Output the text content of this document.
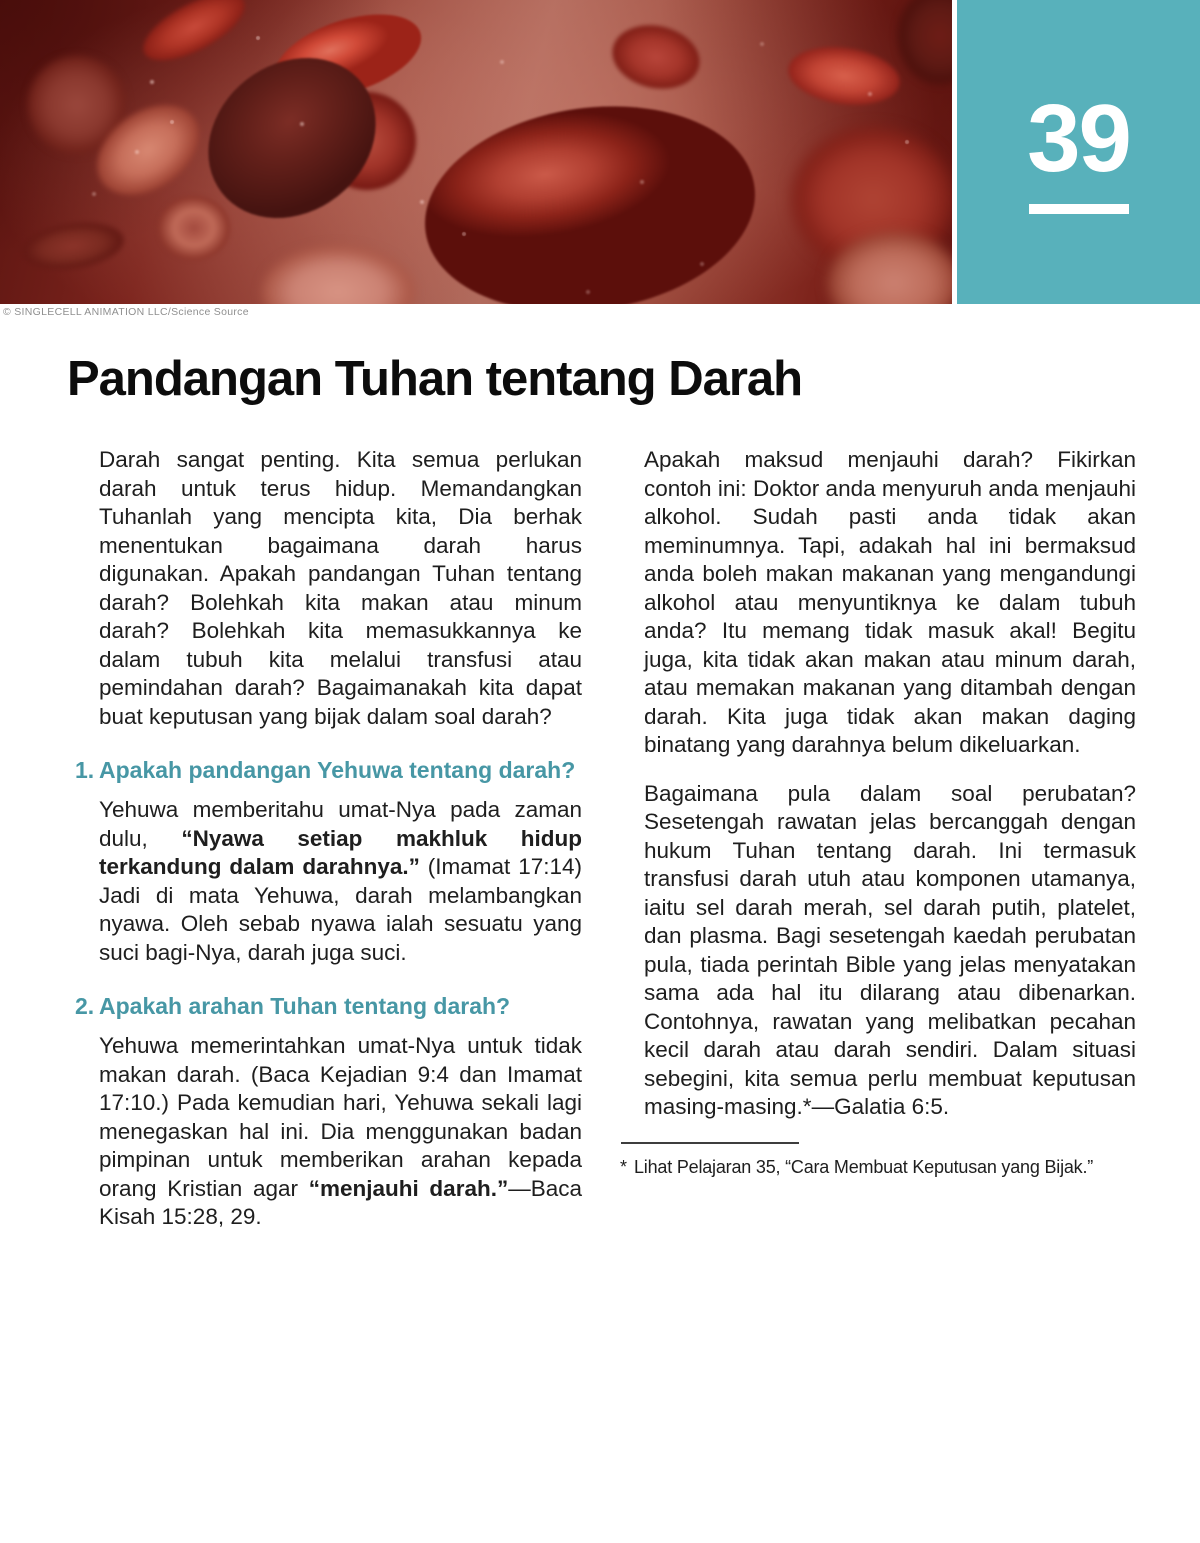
39
© SINGLECELL ANIMATION LLC/Science Source
Pandangan Tuhan tentang Darah

Darah sangat penting. Kita semua perlukan darah untuk terus hidup. Memandangkan Tuhanlah yang mencipta kita, Dia berhak menentukan bagaimana darah harus digunakan. Apakah pandangan Tuhan tentang darah? Bolehkah kita makan atau minum darah? Bolehkah kita memasukkannya ke dalam tubuh kita melalui transfusi atau pemindahan darah? Bagaimanakah kita dapat buat keputusan yang bijak dalam soal darah?

1. Apakah pandangan Yehuwa tentang darah?

Yehuwa memberitahu umat-Nya pada zaman dulu, “Nyawa setiap makhluk hidup terkandung dalam darahnya.” (Imamat 17:14) Jadi di mata Yehuwa, darah melambangkan nyawa. Oleh sebab nyawa ialah sesuatu yang suci bagi-Nya, darah juga suci.

2. Apakah arahan Tuhan tentang darah?

Yehuwa memerintahkan umat-Nya untuk tidak makan darah. (Baca Kejadian 9:4 dan Imamat 17:10.) Pada kemudian hari, Yehuwa sekali lagi menegaskan hal ini. Dia menggunakan badan pimpinan untuk memberikan arahan kepada orang Kristian agar “menjauhi darah.”—Baca Kisah 15:28, 29.

Apakah maksud menjauhi darah? Fikirkan contoh ini: Doktor anda menyuruh anda menjauhi alkohol. Sudah pasti anda tidak akan meminumnya. Tapi, adakah hal ini bermaksud anda boleh makan makanan yang mengandungi alkohol atau menyuntiknya ke dalam tubuh anda? Itu memang tidak masuk akal! Begitu juga, kita tidak akan makan atau minum darah, atau memakan makanan yang ditambah dengan darah. Kita juga tidak akan makan daging binatang yang darahnya belum dikeluarkan.

Bagaimana pula dalam soal perubatan? Sesetengah rawatan jelas bercanggah dengan hukum Tuhan tentang darah. Ini termasuk transfusi darah utuh atau komponen utamanya, iaitu sel darah merah, sel darah putih, platelet, dan plasma. Bagi sesetengah kaedah perubatan pula, tiada perintah Bible yang jelas menyatakan sama ada hal itu dilarang atau dibenarkan. Contohnya, rawatan yang melibatkan pecahan kecil darah atau darah sendiri. Dalam situasi sebegini, kita semua perlu membuat keputusan masing-masing.*—Galatia 6:5.

* Lihat Pelajaran 35, “Cara Membuat Keputusan yang Bijak.”
